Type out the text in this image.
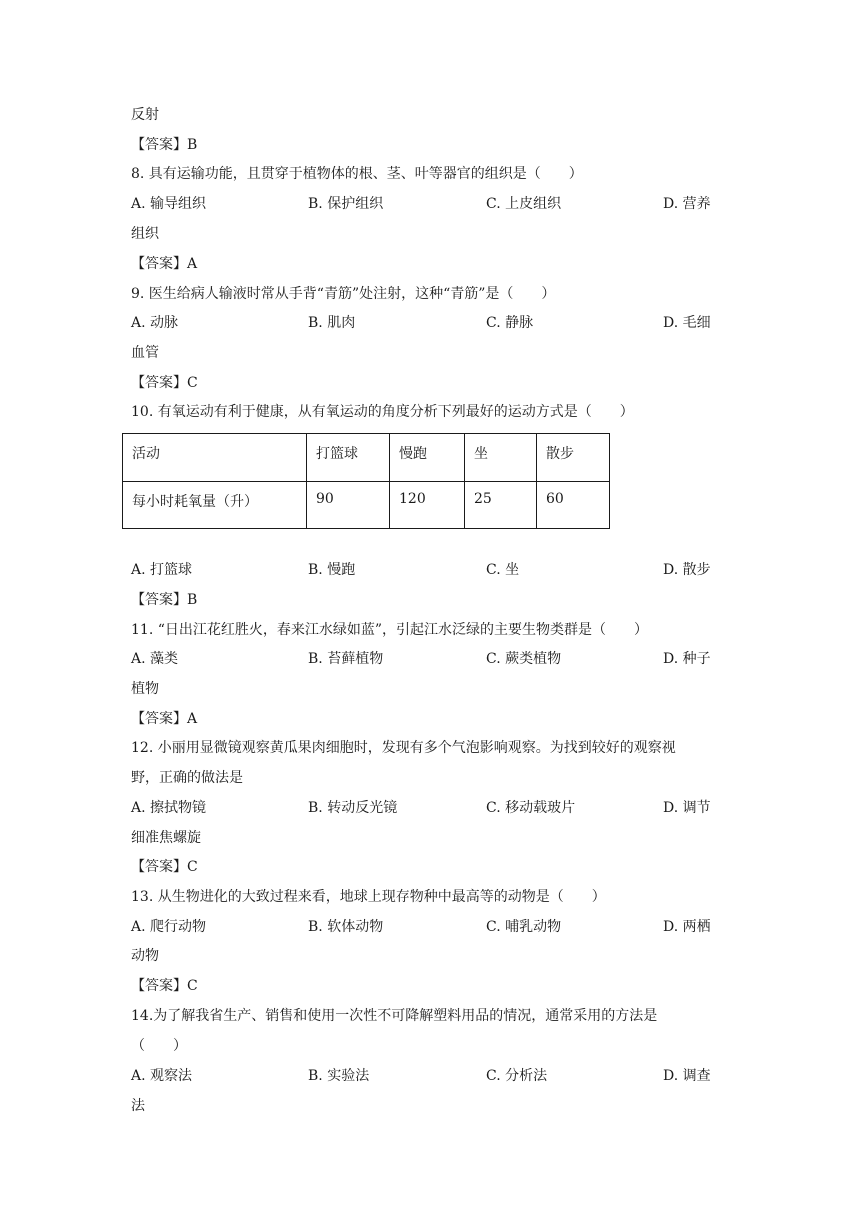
反射
【答案】B
8. 具有运输功能，且贯穿于植物体的根、茎、叶等器官的组织是（　　）
A. 输导组织	B. 保护组织	C. 上皮组织	D. 营养
组织
【答案】A
9. 医生给病人输液时常从手背“青筋”处注射，这种“青筋”是（　　）
A. 动脉	B. 肌肉	C. 静脉	D. 毛细
血管
【答案】C
10. 有氧运动有利于健康，从有氧运动的角度分析下列最好的运动方式是（　　）
活动	打篮球	慢跑	坐	散步
每小时耗氧量（升）	90	120	25	60
A. 打篮球	B. 慢跑	C. 坐	D. 散步
【答案】B
11. “日出江花红胜火，春来江水绿如蓝”，引起江水泛绿的主要生物类群是（　　）
A. 藻类	B. 苔藓植物	C. 蕨类植物	D. 种子
植物
【答案】A
12. 小丽用显微镜观察黄瓜果肉细胞时，发现有多个气泡影响观察。为找到较好的观察视
野，正确的做法是
A. 擦拭物镜	B. 转动反光镜	C. 移动载玻片	D. 调节
细准焦螺旋
【答案】C
13. 从生物进化的大致过程来看，地球上现存物种中最高等的动物是（　　）
A. 爬行动物	B. 软体动物	C. 哺乳动物	D. 两栖
动物
【答案】C
14.为了解我省生产、销售和使用一次性不可降解塑料用品的情况，通常采用的方法是
（　　）
A. 观察法	B. 实验法	C. 分析法	D. 调查
法
